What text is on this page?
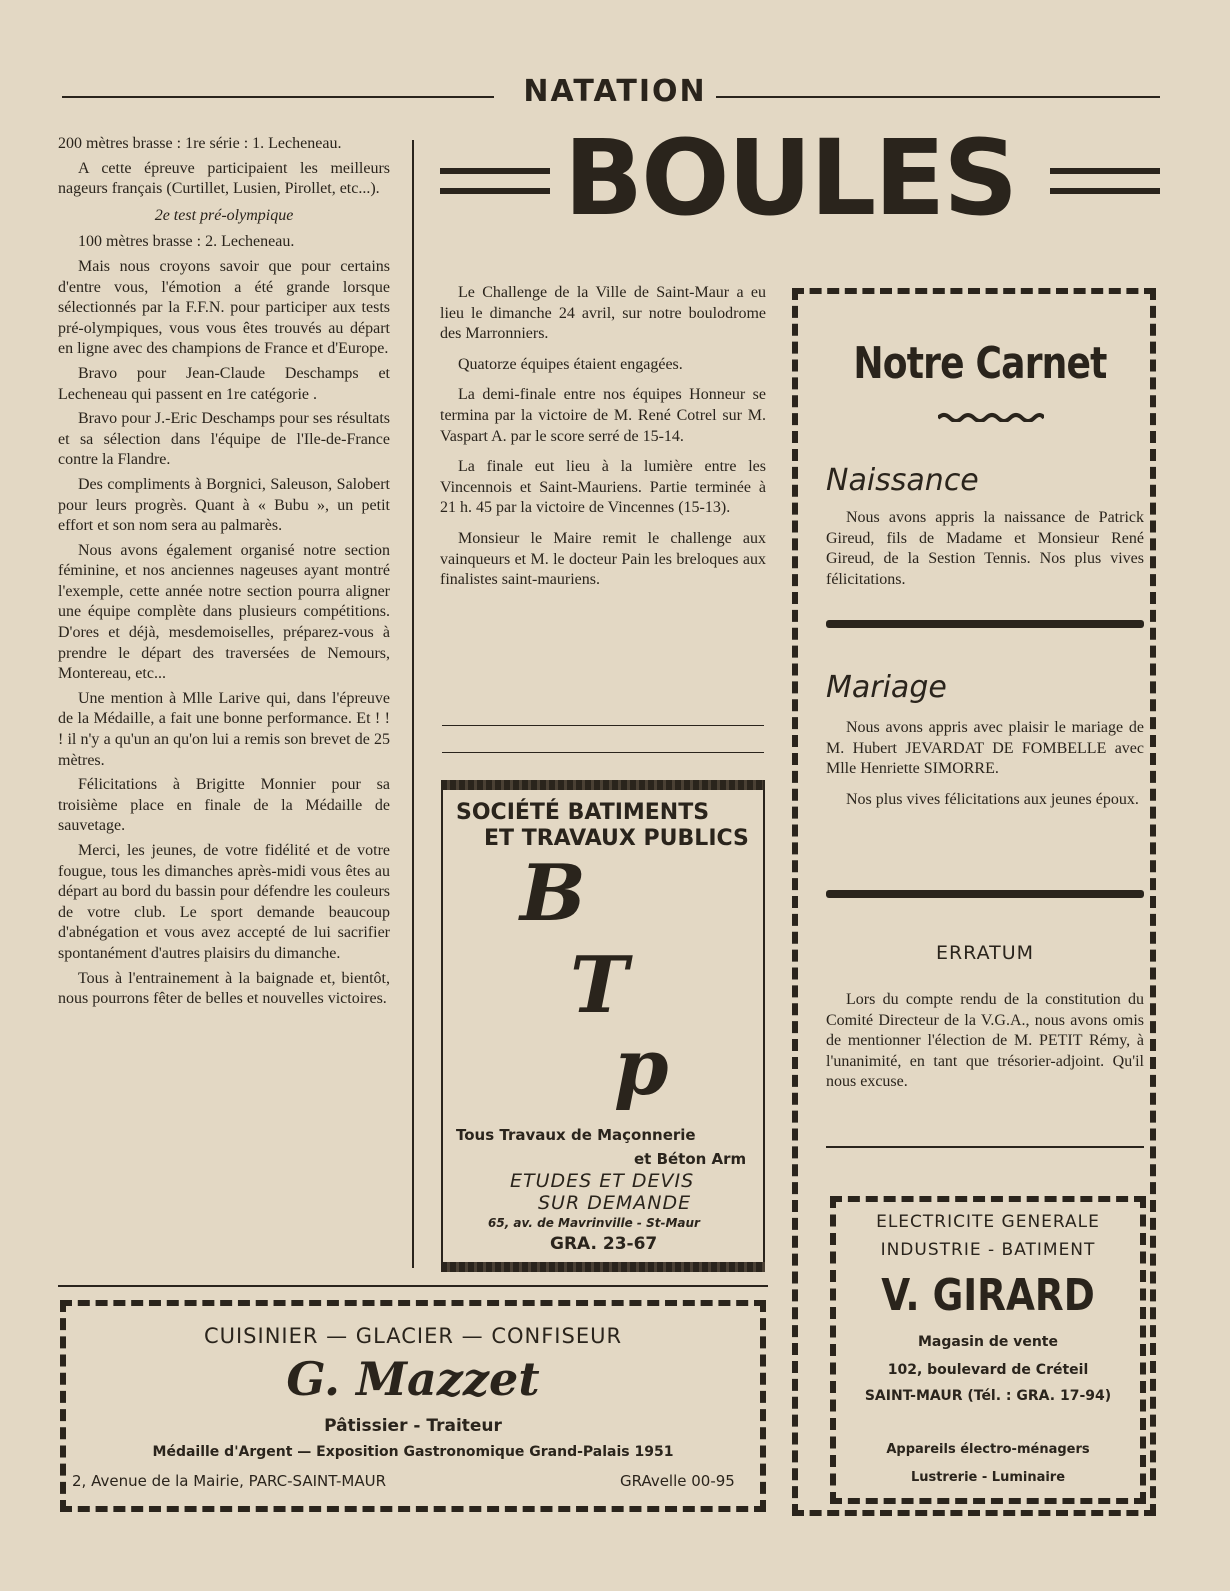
NATATION

200 mètres brasse : 1re série : 1. Lecheneau.

A cette épreuve participaient les meilleurs nageurs français (Curtillet, Lusien, Pirollet, etc...).

2e test pré-olympique

100 mètres brasse : 2. Lecheneau.

Mais nous croyons savoir que pour certains d'entre vous, l'émotion a été grande lorsque sélectionnés par la F.F.N. pour participer aux tests pré-olympiques, vous vous êtes trouvés au départ en ligne avec des champions de France et d'Europe.

Bravo pour Jean-Claude Deschamps et Lecheneau qui passent en 1re catégorie .

Bravo pour J.-Eric Deschamps pour ses résultats et sa sélection dans l'équipe de l'Ile-de-France contre la Flandre.

Des compliments à Borgnici, Saleuson, Salobert pour leurs progrès. Quant à « Bubu », un petit effort et son nom sera au palmarès.

Nous avons également organisé notre section féminine, et nos anciennes nageuses ayant montré l'exemple, cette année notre section pourra aligner une équipe complète dans plusieurs compétitions. D'ores et déjà, mesdemoiselles, préparez-vous à prendre le départ des traversées de Nemours, Montereau, etc...

Une mention à Mlle Larive qui, dans l'épreuve de la Médaille, a fait une bonne performance. Et ! ! ! il n'y a qu'un an qu'on lui a remis son brevet de 25 mètres.

Félicitations à Brigitte Monnier pour sa troisième place en finale de la Médaille de sauvetage.

Merci, les jeunes, de votre fidélité et de votre fougue, tous les dimanches après-midi vous êtes au départ au bord du bassin pour défendre les couleurs de votre club. Le sport demande beaucoup d'abnégation et vous avez accepté de lui sacrifier spontanément d'autres plaisirs du dimanche.

Tous à l'entrainement à la baignade et, bientôt, nous pourrons fêter de belles et nouvelles victoires.

BOULES

Le Challenge de la Ville de Saint-Maur a eu lieu le dimanche 24 avril, sur notre boulodrome des Marronniers.

Quatorze équipes étaient engagées.

La demi-finale entre nos équipes Honneur se termina par la victoire de M. René Cotrel sur M. Vaspart A. par le score serré de 15-14.

La finale eut lieu à la lumière entre les Vincennois et Saint-Mauriens. Partie terminée à 21 h. 45 par la victoire de Vincennes (15-13).

Monsieur le Maire remit le challenge aux vainqueurs et M. le docteur Pain les breloques aux finalistes saint-mauriens.

SOCIÉTÉ BATIMENTS
ET TRAVAUX PUBLICS
B
T
p
Tous Travaux de Maçonnerie
et Béton Arm
ETUDES ET DEVIS
SUR DEMANDE
65, av. de Mavrinville - St-Maur
GRA. 23-67
Notre Carnet
Naissance

Nous avons appris la naissance de Patrick Gireud, fils de Madame et Monsieur René Gireud, de la Sestion Tennis. Nos plus vives félicitations.

Mariage

Nous avons appris avec plaisir le mariage de M. Hubert JEVARDAT DE FOMBELLE avec Mlle Henriette SIMORRE.

Nos plus vives félicitations aux jeunes époux.

ERRATUM

Lors du compte rendu de la constitution du Comité Directeur de la V.G.A., nous avons omis de mentionner l'élection de M. PETIT Rémy, à l'unanimité, en tant que trésorier-adjoint. Qu'il nous excuse.

ELECTRICITE GENERALE
INDUSTRIE - BATIMENT
V. GIRARD
Magasin de vente
102, boulevard de Créteil
SAINT-MAUR (Tél. : GRA. 17-94)
Appareils électro-ménagers
Lustrerie - Luminaire
CUISINIER — GLACIER — CONFISEUR
G. Mazzet
Pâtissier - Traiteur
Médaille d'Argent — Exposition Gastronomique Grand-Palais 1951
2, Avenue de la Mairie, PARC-SAINT-MAUR	GRAvelle 00-95
